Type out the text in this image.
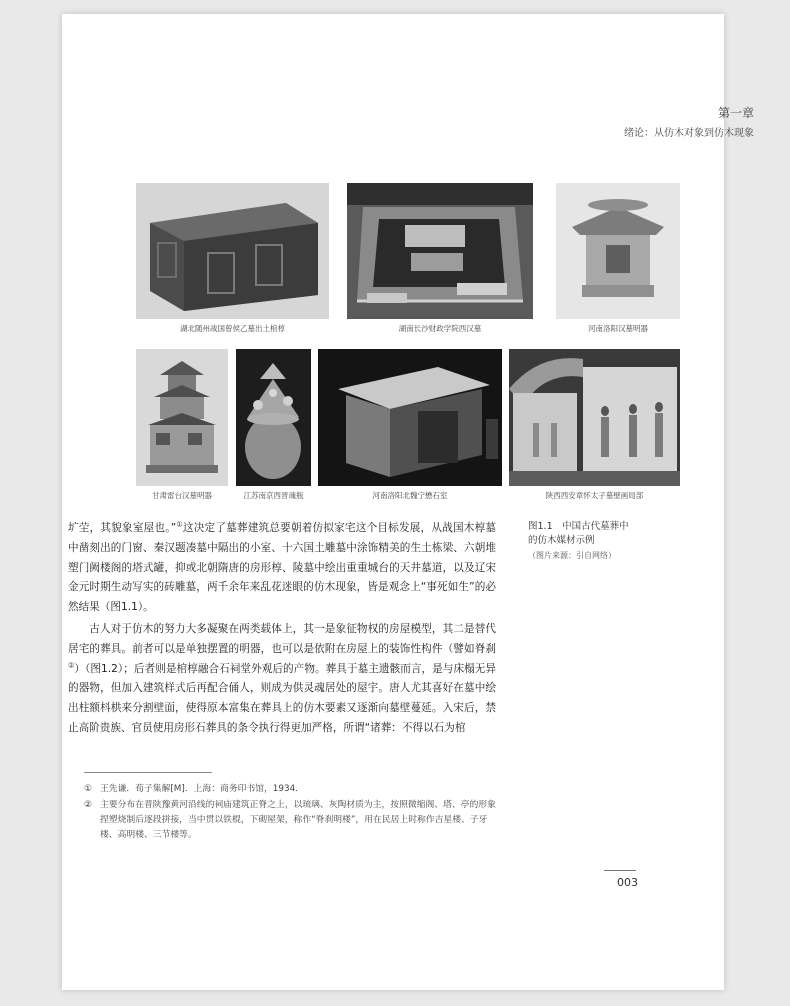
第一章
绪论：从仿木对象到仿木现象
湖北随州战国曾侯乙墓出土棺椁	湖南长沙财政学院西汉墓	河南洛阳汉墓明器
甘肃雷台汉墓明器	江苏南京西晋魂瓶	河南洛阳北魏宁懋石室	陕西西安章怀太子墓壁画局部
图1.1　中国古代墓葬中的仿木媒材示例
（图片来源：引自网络）

圹茔，其貌象室屋也。”①这决定了墓葬建筑总要朝着仿拟家宅这个目标发展，从战国木椁墓中凿刻出的门窗、秦汉题凑墓中隔出的小室、十六国土雕墓中涂饰精美的生土栋梁、六朝堆塑门阙楼阁的塔式罐，抑或北朝隋唐的房形椁、陵墓中绘出重重城台的天井墓道，以及辽宋金元时期生动写实的砖雕墓，两千余年来乱花迷眼的仿木现象，皆是观念上“事死如生”的必然结果（图1.1）。

古人对于仿木的努力大多凝聚在两类载体上，其一是象征物权的房屋模型，其二是替代居宅的葬具。前者可以是单独摆置的明器，也可以是依附在房屋上的装饰性构件（譬如脊刹②）（图1.2）；后者则是棺椁融合石祠堂外观后的产物。葬具于墓主遗骸而言，是与床榻无异的器物，但加入建筑样式后再配合俑人，则成为供灵魂居处的屋宇。唐人尤其喜好在墓中绘出柱额枓栱来分割壁面，使得原本富集在葬具上的仿木要素又逐渐向墓壁蔓延。入宋后，禁止高阶贵族、官员使用房形石葬具的条令执行得更加严格，所谓“诸葬：不得以石为棺

① 王先谦．荀子集解[M]．上海：商务印书馆，1934．
② 主要分布在晋陕豫黄河沿线的祠庙建筑正脊之上，以琉璃、灰陶材质为主，按照微缩阁、塔、亭的形象捏塑烧制后逐段拼接，当中贯以铁棍，下砌屋架，称作“脊刹明楼”，用在民居上时称作吉星楼、子牙楼、高明楼、三节楼等。
003
